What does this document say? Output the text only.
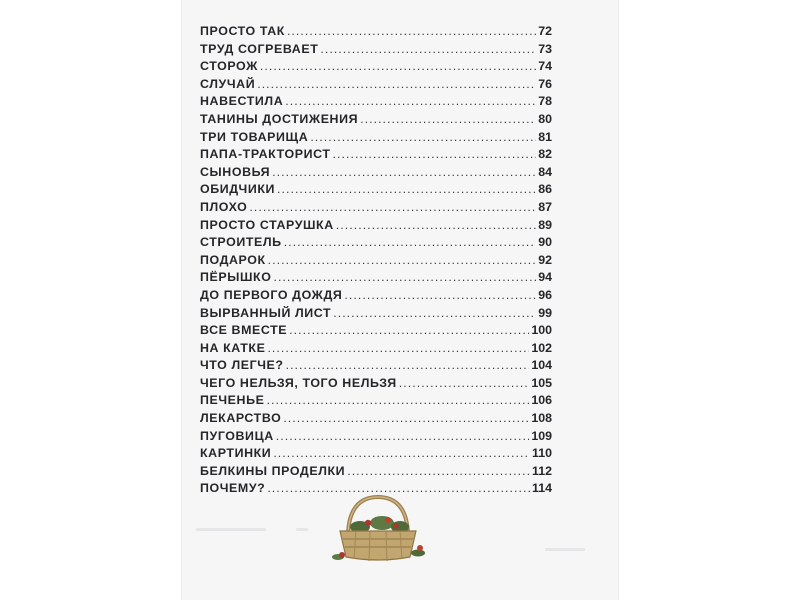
ПРОСТО ТАК . . .	72
ТРУД СОГРЕВАЕТ . . .	73
СТОРОЖ . . .	74
СЛУЧАЙ . . .	76
НАВЕСТИЛА . . .	78
ТАНИНЫ ДОСТИЖЕНИЯ . . .	80
ТРИ ТОВАРИЩА . . .	81
ПАПА-ТРАКТОРИСТ . . .	82
СЫНОВЬЯ . . .	84
ОБИДЧИКИ . . .	86
ПЛОХО . . .	87
ПРОСТО СТАРУШКА . . .	89
СТРОИТЕЛЬ . . .	90
ПОДАРОК . . .	92
ПЁРЫШКО . . .	94
ДО ПЕРВОГО ДОЖДЯ . . .	96
ВЫРВАННЫЙ ЛИСТ . . .	99
ВСЕ ВМЕСТЕ . . .	100
НА КАТКЕ . . .	102
ЧТО ЛЕГЧЕ? . . .	104
ЧЕГО НЕЛЬЗЯ, ТОГО НЕЛЬЗЯ . . .	105
ПЕЧЕНЬЕ . . .	106
ЛЕКАРСТВО . . .	108
ПУГОВИЦА . . .	109
КАРТИНКИ . . .	110
БЕЛКИНЫ ПРОДЕЛКИ . . .	112
ПОЧЕМУ? . . .	114
